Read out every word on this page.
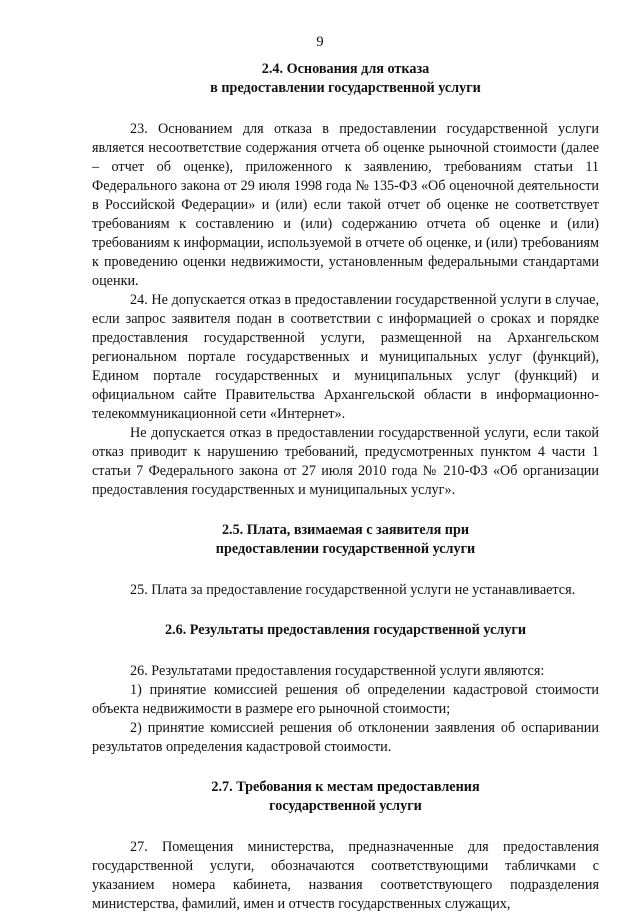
9
2.4. Основания для отказа
в предоставлении государственной услуги

23. Основанием для отказа в предоставлении государственной услуги является несоответствие содержания отчета об оценке рыночной стоимости (далее – отчет об оценке), приложенного к заявлению, требованиям статьи 11 Федерального закона от 29 июля 1998 года № 135-ФЗ «Об оценочной деятельности в Российской Федерации» и (или) если такой отчет об оценке не соответствует требованиям к составлению и (или) содержанию отчета об оценке и (или) требованиям к информации, используемой в отчете об оценке, и (или) требованиям к проведению оценки недвижимости, установленным федеральными стандартами оценки.

24. Не допускается отказ в предоставлении государственной услуги в случае, если запрос заявителя подан в соответствии с информацией о сроках и порядке предоставления государственной услуги, размещенной на Архангельском региональном портале государственных и муниципальных услуг (функций), Едином портале государственных и муниципальных услуг (функций) и официальном сайте Правительства Архангельской области в информационно-телекоммуникационной сети «Интернет».

Не допускается отказ в предоставлении государственной услуги, если такой отказ приводит к нарушению требований, предусмотренных пунктом 4 части 1 статьи 7 Федерального закона от 27 июля 2010 года № 210-ФЗ «Об организации предоставления государственных и муниципальных услуг».

2.5. Плата, взимаемая с заявителя при
предоставлении государственной услуги

25. Плата за предоставление государственной услуги не устанавливается.

2.6. Результаты предоставления государственной услуги

26. Результатами предоставления государственной услуги являются:

1) принятие комиссией решения об определении кадастровой стоимости объекта недвижимости в размере его рыночной стоимости;

2) принятие комиссией решения об отклонении заявления об оспаривании результатов определения кадастровой стоимости.

2.7. Требования к местам предоставления
государственной услуги

27. Помещения министерства, предназначенные для предоставления государственной услуги, обозначаются соответствующими табличками с указанием номера кабинета, названия соответствующего подразделения министерства, фамилий, имен и отчеств государственных служащих,
